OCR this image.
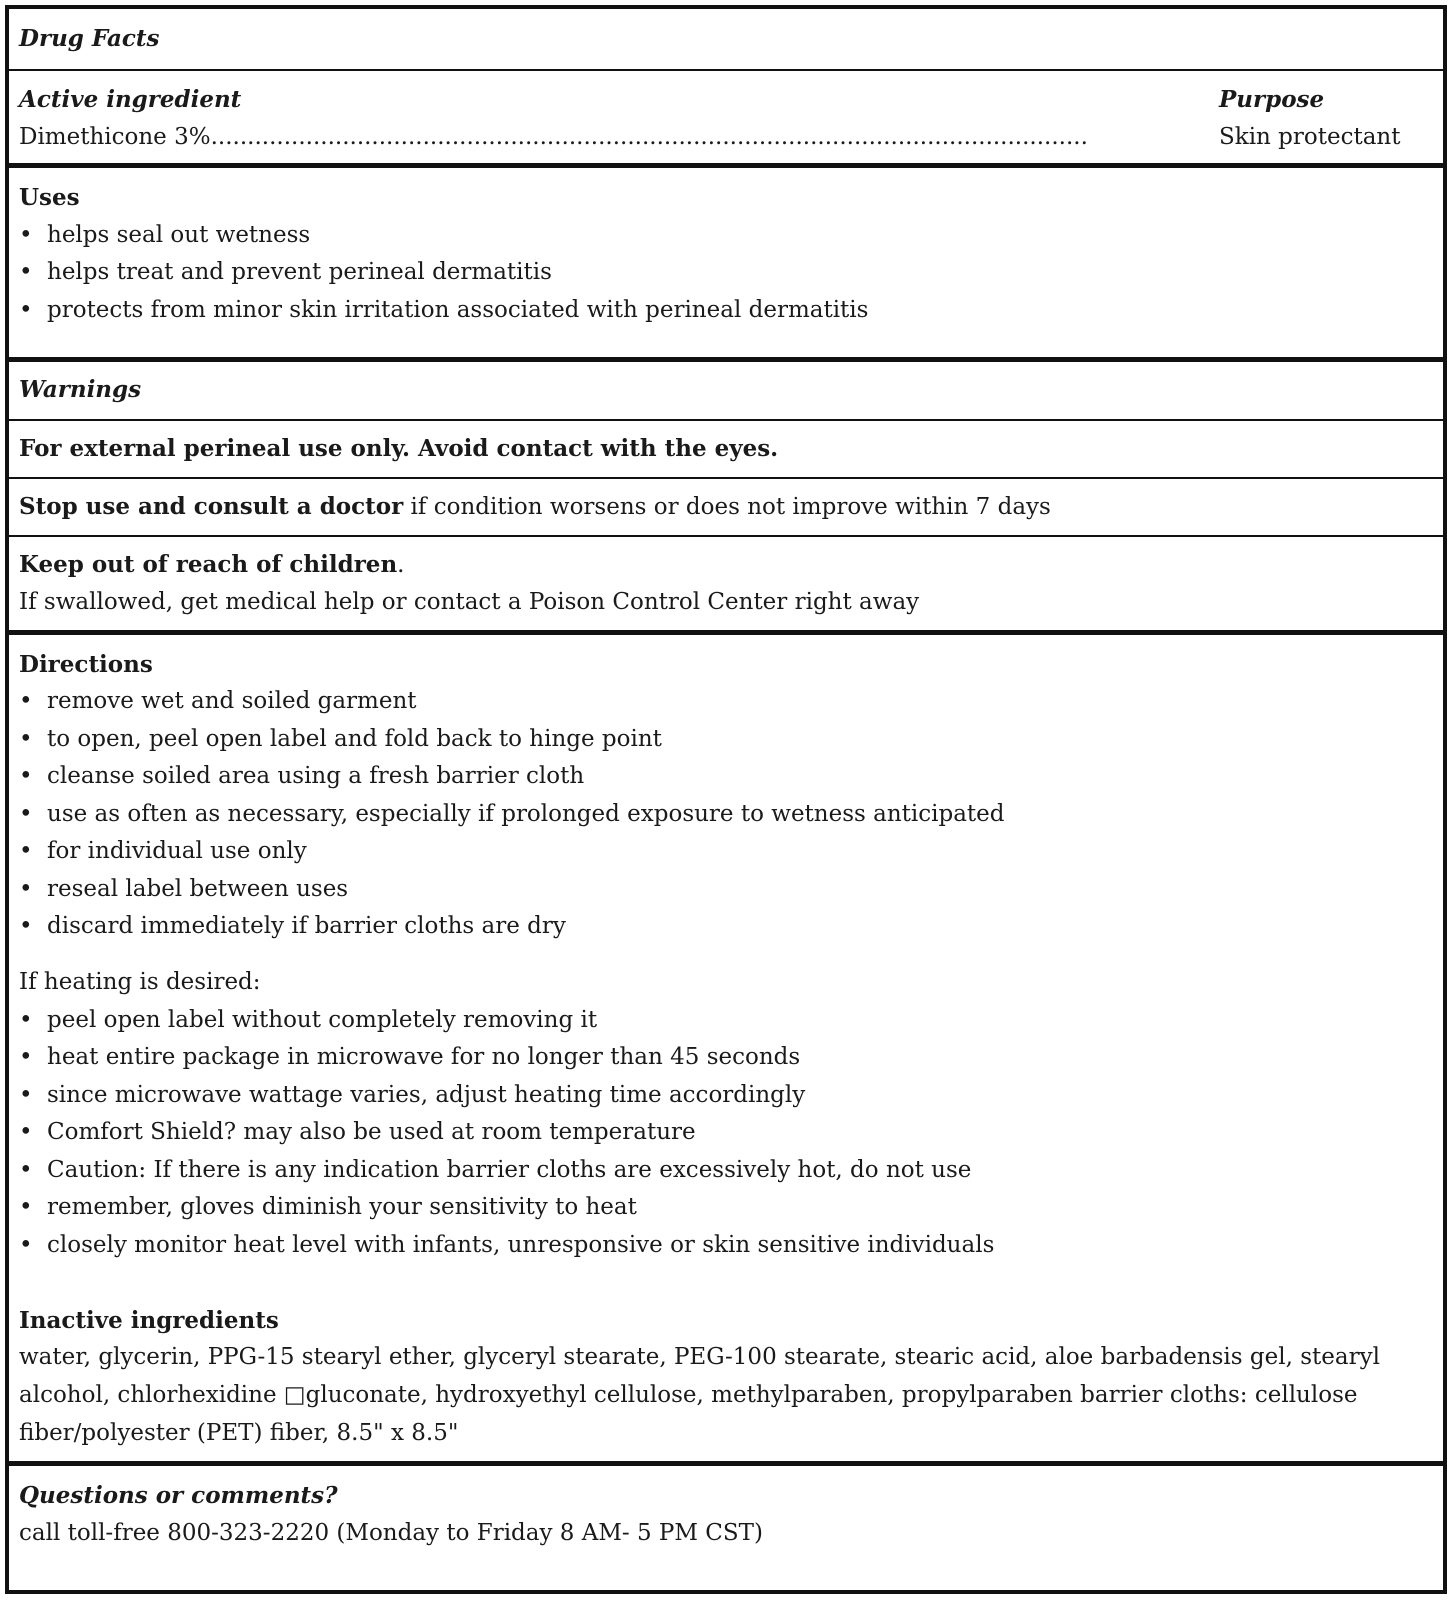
Drug Facts
Active ingredient
Dimethicone 3%........................................................................................................................
Purpose
Skin protectant
Uses
• helps seal out wetness
• helps treat and prevent perineal dermatitis
• protects from minor skin irritation associated with perineal dermatitis
Warnings
For external perineal use only. Avoid contact with the eyes.
Stop use and consult a doctor if condition worsens or does not improve within 7 days
Keep out of reach of children.
If swallowed, get medical help or contact a Poison Control Center right away
Directions
• remove wet and soiled garment
• to open, peel open label and fold back to hinge point
• cleanse soiled area using a fresh barrier cloth
• use as often as necessary, especially if prolonged exposure to wetness anticipated
• for individual use only
• reseal label between uses
• discard immediately if barrier cloths are dry
If heating is desired:
• peel open label without completely removing it
• heat entire package in microwave for no longer than 45 seconds
• since microwave wattage varies, adjust heating time accordingly
• Comfort Shield? may also be used at room temperature
• Caution: If there is any indication barrier cloths are excessively hot, do not use
• remember, gloves diminish your sensitivity to heat
• closely monitor heat level with infants, unresponsive or skin sensitive individuals
Inactive ingredients
water, glycerin, PPG-15 stearyl ether, glyceryl stearate, PEG-100 stearate, stearic acid, aloe barbadensis gel, stearyl alcohol, chlorhexidine □gluconate, hydroxyethyl cellulose, methylparaben, propylparaben barrier cloths: cellulose fiber/polyester (PET) fiber, 8.5" x 8.5"
Questions or comments?
call toll-free 800-323-2220 (Monday to Friday 8 AM- 5 PM CST)
